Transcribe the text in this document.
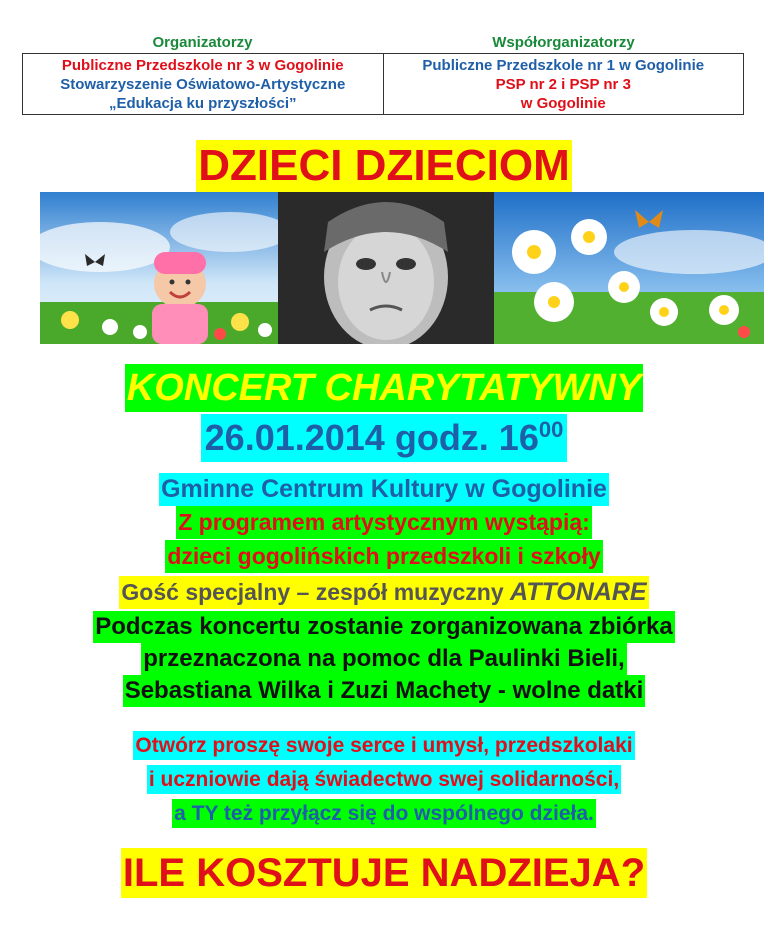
Organizatorzy	Współorganizatorzy
Publiczne Przedszkole nr 3 w Gogolinie
Stowarzyszenie Oświatowo-Artystyczne
„Edukacja ku przyszłości”
Publiczne Przedszkole nr 1 w Gogolinie
PSP nr 2 i PSP nr 3
w Gogolinie
DZIECI DZIECIOM
KONCERT CHARYTATYWNY
26.01.2014 godz. $16^{00}$
Gminne Centrum Kultury w Gogolinie
Z programem artystycznym wystąpią:
dzieci gogolińskich przedszkoli i szkoły
Gość specjalny – zespół muzyczny ATTONARE
Podczas koncertu zostanie zorganizowana zbiórka
przeznaczona na pomoc dla Paulinki Bieli,
Sebastiana Wilka i Zuzi Machety - wolne datki
Otwórz proszę swoje serce i umysł, przedszkolaki
i uczniowie dają świadectwo swej solidarności,
a TY też przyłącz się do wspólnego dzieła.
ILE KOSZTUJE NADZIEJA?
